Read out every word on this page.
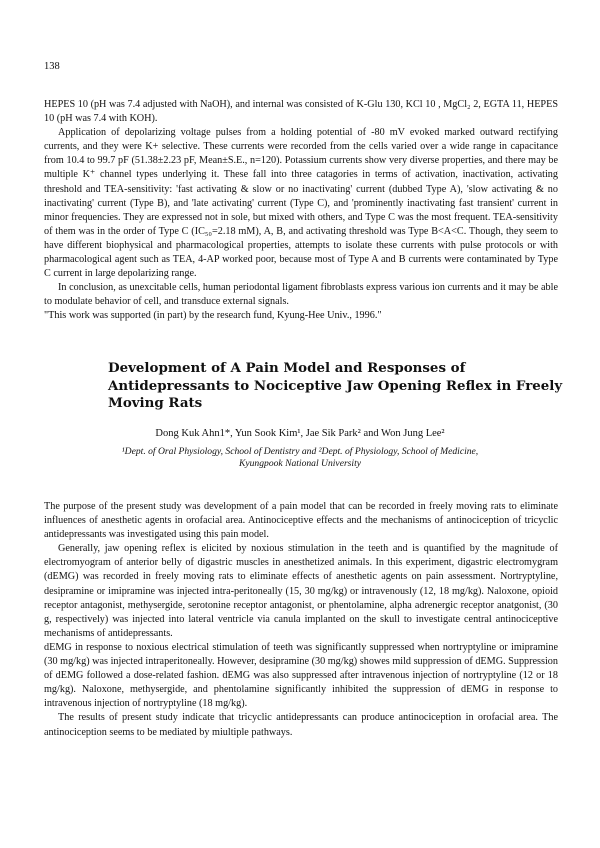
138

HEPES 10 (pH was 7.4 adjusted with NaOH), and internal was consisted of K-Glu 130, KCl 10 , MgCl₂ 2, EGTA 11, HEPES 10 (pH was 7.4 with KOH).

Application of depolarizing voltage pulses from a holding potential of -80 mV evoked marked outward rectifying currents, and they were K+ selective. These currents were recorded from the cells varied over a wide range in capacitance from 10.4 to 99.7 pF (51.38±2.23 pF, Mean±S.E., n=120). Potassium currents show very diverse properties, and there may be multiple K⁺ channel types underlying it. These fall into three catagories in terms of activation, inactivation, activating threshold and TEA-sensitivity: 'fast activating & slow or no inactivating' current (dubbed Type A), 'slow activating & no inactivating' current (Type B), and 'late activating' current (Type C), and 'prominently inactivating fast transient' current in minor frequencies. They are expressed not in sole, but mixed with others, and Type C was the most frequent. TEA-sensitivity of them was in the order of Type C (IC₅₀=2.18 mM), A, B, and activating threshold was Type B<A<C. Though, they seem to have different biophysical and pharmacological properties, attempts to isolate these currents with pulse protocols or with pharmacological agent such as TEA, 4-AP worked poor, because most of Type A and B currents were contaminated by Type C current in large depolarizing range.

In conclusion, as unexcitable cells, human periodontal ligament fibroblasts express various ion currents and it may be able to modulate behavior of cell, and transduce external signals.

"This work was supported (in part) by the research fund, Kyung-Hee Univ., 1996."

Development of A Pain Model and Responses of
Antidepressants to Nociceptive Jaw Opening Reflex in Freely
Moving Rats
Dong Kuk Ahn1*, Yun Sook Kim¹, Jae Sik Park² and Won Jung Lee²
¹Dept. of Oral Physiology, School of Dentistry and ²Dept. of Physiology, School of Medicine,
Kyungpook National University

The purpose of the present study was development of a pain model that can be recorded in freely moving rats to eliminate influences of anesthetic agents in orofacial area. Antinociceptive effects and the mechanisms of antinociception of tricyclic antidepressants was investigated using this pain model.

Generally, jaw opening reflex is elicited by noxious stimulation in the teeth and is quantified by the magnitude of electromyogram of anterior belly of digastric muscles in anesthetized animals. In this experiment, digastric electromygram (dEMG) was recorded in freely moving rats to eliminate effects of anesthetic agents on pain assessment. Nortryptyline, desipramine or imipramine was injected intra-peritoneally (15, 30 mg/kg) or intravenously (12, 18 mg/kg). Naloxone, opioid receptor antagonist, methysergide, serotonine receptor antagonist, or phentolamine, alpha adrenergic receptor anatgonist, (30 g, respectively) was injected into lateral ventricle via canula implanted on the skull to investigate central antinociceptive mechanisms of antidepressants.

dEMG in response to noxious electrical stimulation of teeth was significantly suppressed when nortryptyline or imipramine (30 mg/kg) was injected intraperitoneally. However, desipramine (30 mg/kg) showes mild suppression of dEMG. Suppression of dEMG followed a dose-related fashion. dEMG was also suppressed after intravenous injection of nortryptyline (12 or 18 mg/kg). Naloxone, methysergide, and phentolamine significantly inhibited the suppression of dEMG in response to intravenous injection of nortryptyline (18 mg/kg).

The results of present study indicate that tricyclic antidepressants can produce antinociception in orofacial area. The antinociception seems to be mediated by miultiple pathways.
